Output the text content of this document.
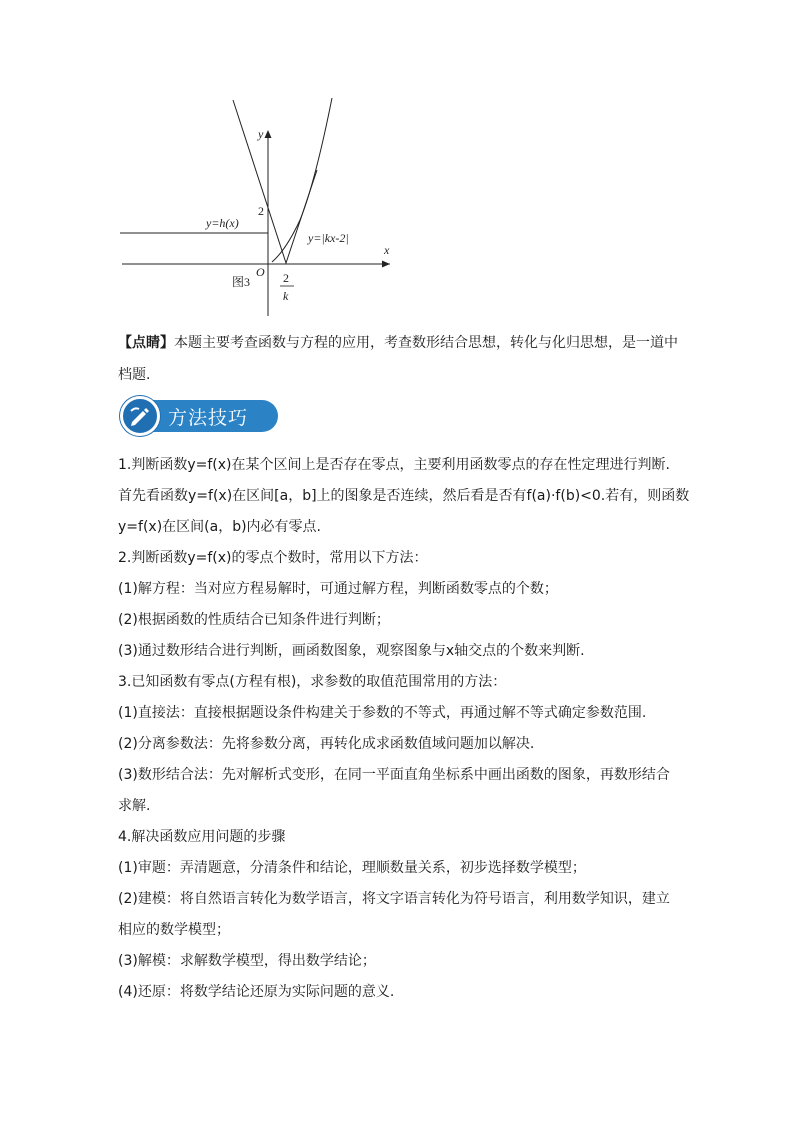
y
x
O
2
y=h(x)
y=|kx-2|
2
k
图3
【点睛】本题主要考查函数与方程的应用，考查数形结合思想，转化与化归思想，是一道中档题.
方法技巧
1.判断函数y=f(x)在某个区间上是否存在零点，主要利用函数零点的存在性定理进行判断.
首先看函数y=f(x)在区间[a，b]上的图象是否连续，然后看是否有f(a)·f(b)<0.若有，则函数
y=f(x)在区间(a，b)内必有零点.
2.判断函数y=f(x)的零点个数时，常用以下方法：
(1)解方程：当对应方程易解时，可通过解方程，判断函数零点的个数；
(2)根据函数的性质结合已知条件进行判断；
(3)通过数形结合进行判断，画函数图象，观察图象与x轴交点的个数来判断.
3.已知函数有零点(方程有根)，求参数的取值范围常用的方法：
(1)直接法：直接根据题设条件构建关于参数的不等式，再通过解不等式确定参数范围.
(2)分离参数法：先将参数分离，再转化成求函数值域问题加以解决.
(3)数形结合法：先对解析式变形，在同一平面直角坐标系中画出函数的图象，再数形结合
求解.
4.解决函数应用问题的步骤
(1)审题：弄清题意，分清条件和结论，理顺数量关系，初步选择数学模型；
(2)建模：将自然语言转化为数学语言，将文字语言转化为符号语言，利用数学知识，建立
相应的数学模型；
(3)解模：求解数学模型，得出数学结论；
(4)还原：将数学结论还原为实际问题的意义.
